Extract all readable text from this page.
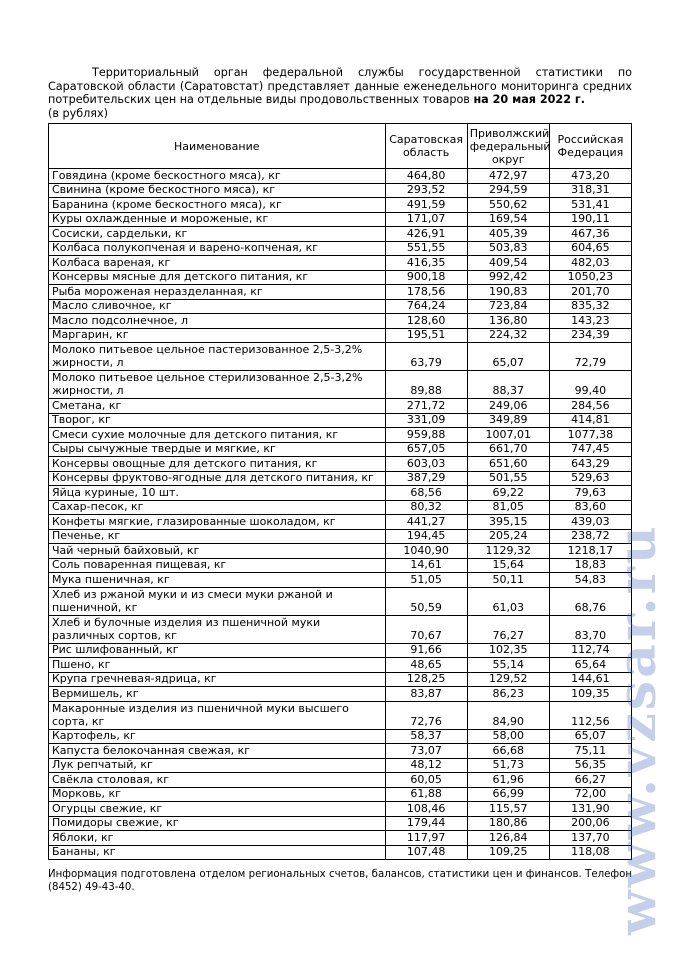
Территориальный орган федеральной службы государственной статистики по Саратовской области (Саратовстат) представляет данные еженедельного мониторинга средних потребительских цен на отдельные виды продовольственных товаров на 20 мая 2022 г.

(в рублях)
Наименование	Саратовская область	Приволжский федеральный округ	Российская Федерация
Говядина (кроме бескостного мяса), кг	464,80	472,97	473,20
Свинина (кроме бескостного мяса), кг	293,52	294,59	318,31
Баранина (кроме бескостного мяса), кг	491,59	550,62	531,41
Куры охлажденные и мороженые, кг	171,07	169,54	190,11
Сосиски, сардельки, кг	426,91	405,39	467,36
Колбаса полукопченая и варено-копченая, кг	551,55	503,83	604,65
Колбаса вареная, кг	416,35	409,54	482,03
Консервы мясные для детского питания, кг	900,18	992,42	1050,23
Рыба мороженая неразделанная, кг	178,56	190,83	201,70
Масло сливочное, кг	764,24	723,84	835,32
Масло подсолнечное, л	128,60	136,80	143,23
Маргарин, кг	195,51	224,32	234,39
Молоко питьевое цельное пастеризованное 2,5-3,2% жирности, л	63,79	65,07	72,79
Молоко питьевое цельное стерилизованное 2,5-3,2% жирности, л	89,88	88,37	99,40
Сметана, кг	271,72	249,06	284,56
Творог, кг	331,09	349,89	414,81
Смеси сухие молочные для детского питания, кг	959,88	1007,01	1077,38
Сыры сычужные твердые и мягкие, кг	657,05	661,70	747,45
Консервы овощные для детского питания, кг	603,03	651,60	643,29
Консервы фруктово-ягодные для детского питания, кг	387,29	501,55	529,63
Яйца куриные, 10 шт.	68,56	69,22	79,63
Сахар-песок, кг	80,32	81,05	83,60
Конфеты мягкие, глазированные шоколадом, кг	441,27	395,15	439,03
Печенье, кг	194,45	205,24	238,72
Чай черный байховый, кг	1040,90	1129,32	1218,17
Соль поваренная пищевая, кг	14,61	15,64	18,83
Мука пшеничная, кг	51,05	50,11	54,83
Хлеб из ржаной муки и из смеси муки ржаной и пшеничной, кг	50,59	61,03	68,76
Хлеб и булочные изделия из пшеничной муки различных сортов, кг	70,67	76,27	83,70
Рис шлифованный, кг	91,66	102,35	112,74
Пшено, кг	48,65	55,14	65,64
Крупа гречневая-ядрица, кг	128,25	129,52	144,61
Вермишель, кг	83,87	86,23	109,35
Макаронные изделия из пшеничной муки высшего сорта, кг	72,76	84,90	112,56
Картофель, кг	58,37	58,00	65,07
Капуста белокочанная свежая, кг	73,07	66,68	75,11
Лук репчатый, кг	48,12	51,73	56,35
Свёкла столовая, кг	60,05	61,96	66,27
Морковь, кг	61,88	66,99	72,00
Огурцы свежие, кг	108,46	115,57	131,90
Помидоры свежие, кг	179,44	180,86	200,06
Яблоки, кг	117,97	126,84	137,70
Бананы, кг	107,48	109,25	118,08

Информация подготовлена отделом региональных счетов, балансов, статистики цен и финансов. Телефон (8452) 49-43-40.	www.vzsar.ru
